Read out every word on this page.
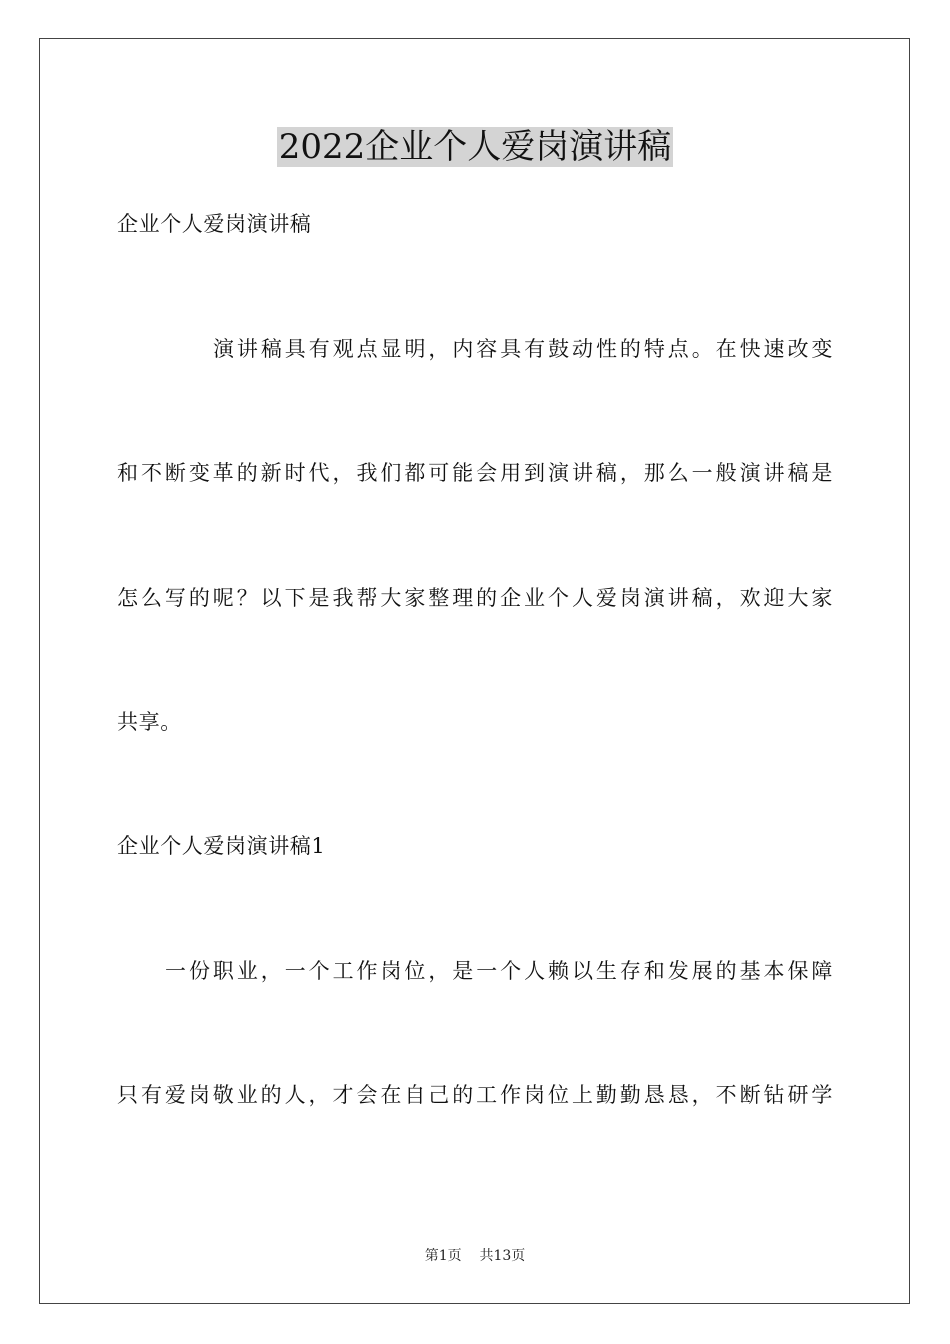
2022企业个人爱岗演讲稿
企业个人爱岗演讲稿
演讲稿具有观点显明，内容具有鼓动性的特点。在快速改变
和不断变革的新时代，我们都可能会用到演讲稿，那么一般演讲稿是
怎么写的呢？以下是我帮大家整理的企业个人爱岗演讲稿，欢迎大家
共享。
企业个人爱岗演讲稿1
一份职业，一个工作岗位，是一个人赖以生存和发展的基本保障
只有爱岗敬业的人，才会在自己的工作岗位上勤勤恳恳，不断钻研学
第1页    共13页
